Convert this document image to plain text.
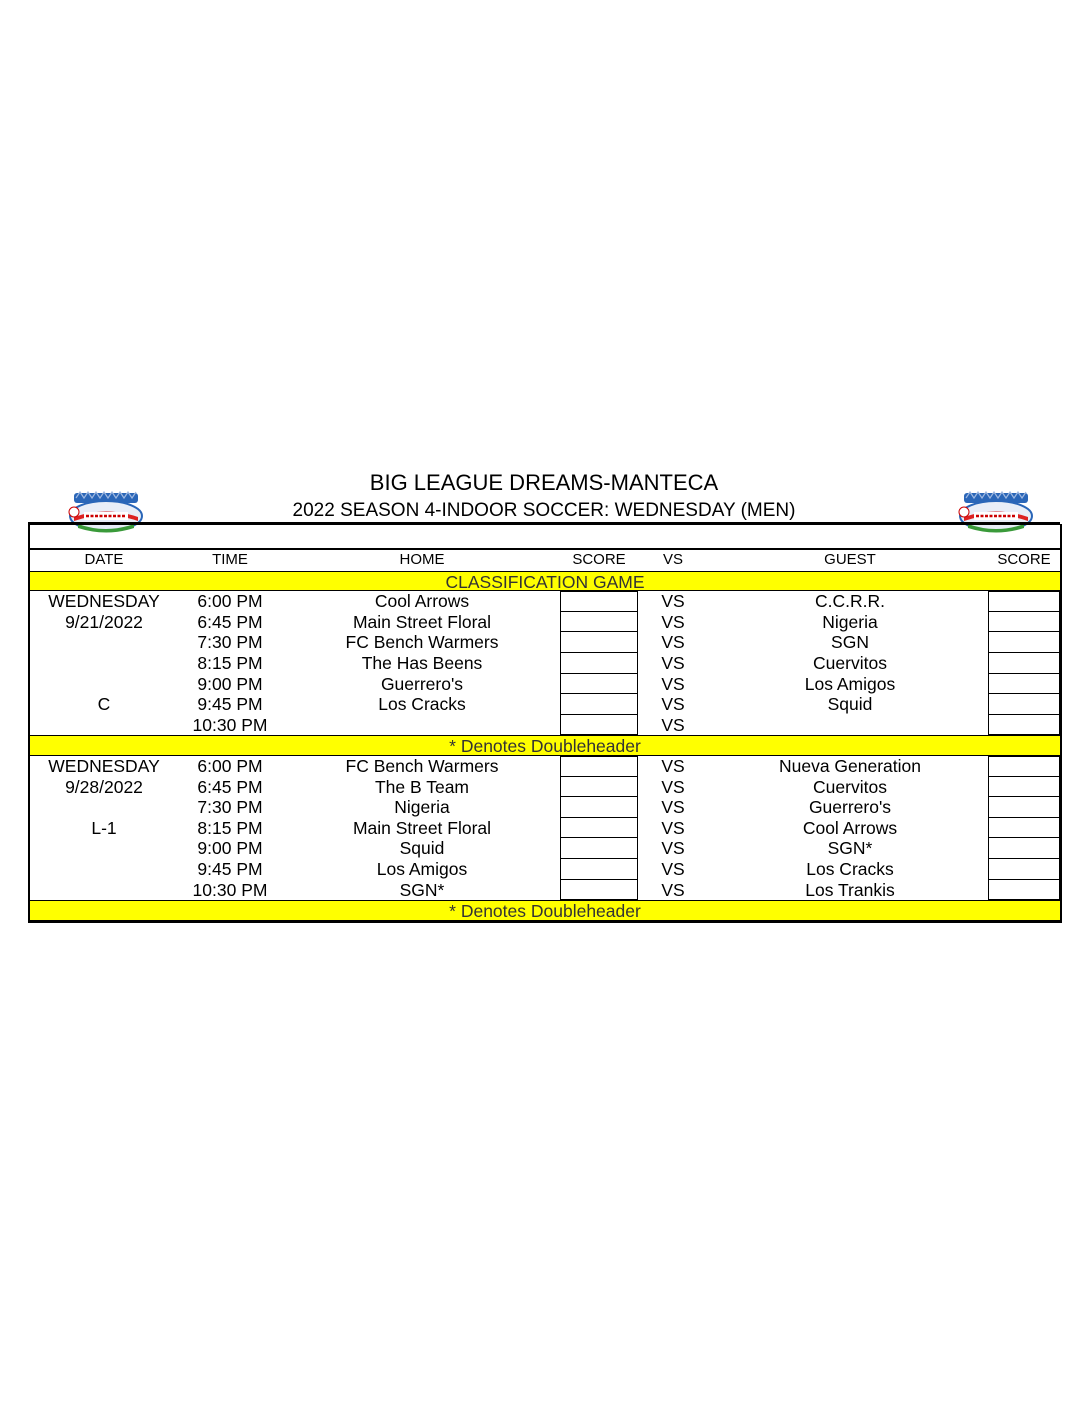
BIG LEAGUE DREAMS-MANTECA
2022 SEASON 4-INDOOR SOCCER: WEDNESDAY (MEN)
DATE	TIME	HOME	SCORE	VS	GUEST	SCORE
CLASSIFICATION GAME
WEDNESDAY	6:00 PM	Cool Arrows	VS	C.C.R.R.
9/21/2022	6:45 PM	Main Street Floral	VS	Nigeria
7:30 PM	FC Bench Warmers	VS	SGN
8:15 PM	The Has Beens	VS	Cuervitos
9:00 PM	Guerrero's	VS	Los Amigos
C	9:45 PM	Los Cracks	VS	Squid
10:30 PM	VS
* Denotes Doubleheader
WEDNESDAY	6:00 PM	FC Bench Warmers	VS	Nueva Generation
9/28/2022	6:45 PM	The B Team	VS	Cuervitos
7:30 PM	Nigeria	VS	Guerrero's
L-1	8:15 PM	Main Street Floral	VS	Cool Arrows
9:00 PM	Squid	VS	SGN*
9:45 PM	Los Amigos	VS	Los Cracks
10:30 PM	SGN*	VS	Los Trankis
* Denotes Doubleheader
